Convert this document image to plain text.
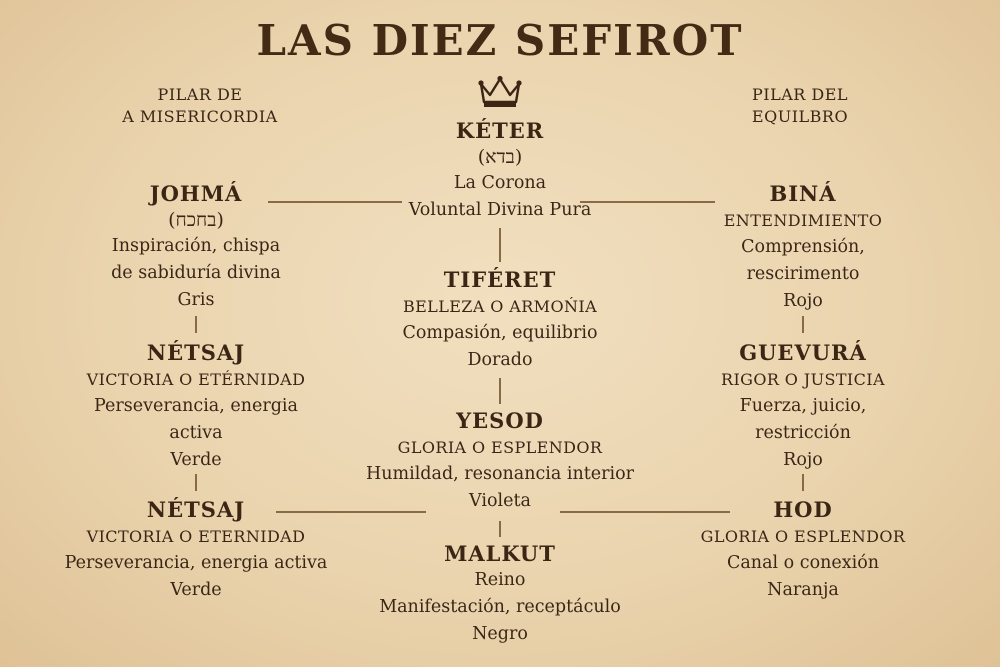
LAS DIEZ SEFIROT
PILAR DE
A MISERICORDIA
PILAR DEL
EQUILBRO
KÉTER
(בדא)
La Corona
Voluntal Divina Pura
JOHMÁ
(בחכח)
Inspiración, chispa
de sabiduría divina
Gris
BINÁ
ENTENDIMIENTO
Comprensión,
rescirimento
Rojo
TIFÉRET
BELLEZA O ARMOŃIA
Compasión, equilibrio
Dorado
NÉTSAJ
VICTORIA O ETÉRNIDAD
Perseverancia, energia
activa
Verde
GUEVURÁ
RIGOR O JUSTICIA
Fuerza, juicio,
restricción
Rojo
YESOD
GLORIA O ESPLENDOR
Humildad, resonancia interior
Violeta
NÉTSAJ
VICTORIA O ETERNIDAD
Perseverancia, energia activa
Verde
HOD
GLORIA O ESPLENDOR
Canal o conexión
Naranja
MALKUT
Reino
Manifestación, receptáculo
Negro
